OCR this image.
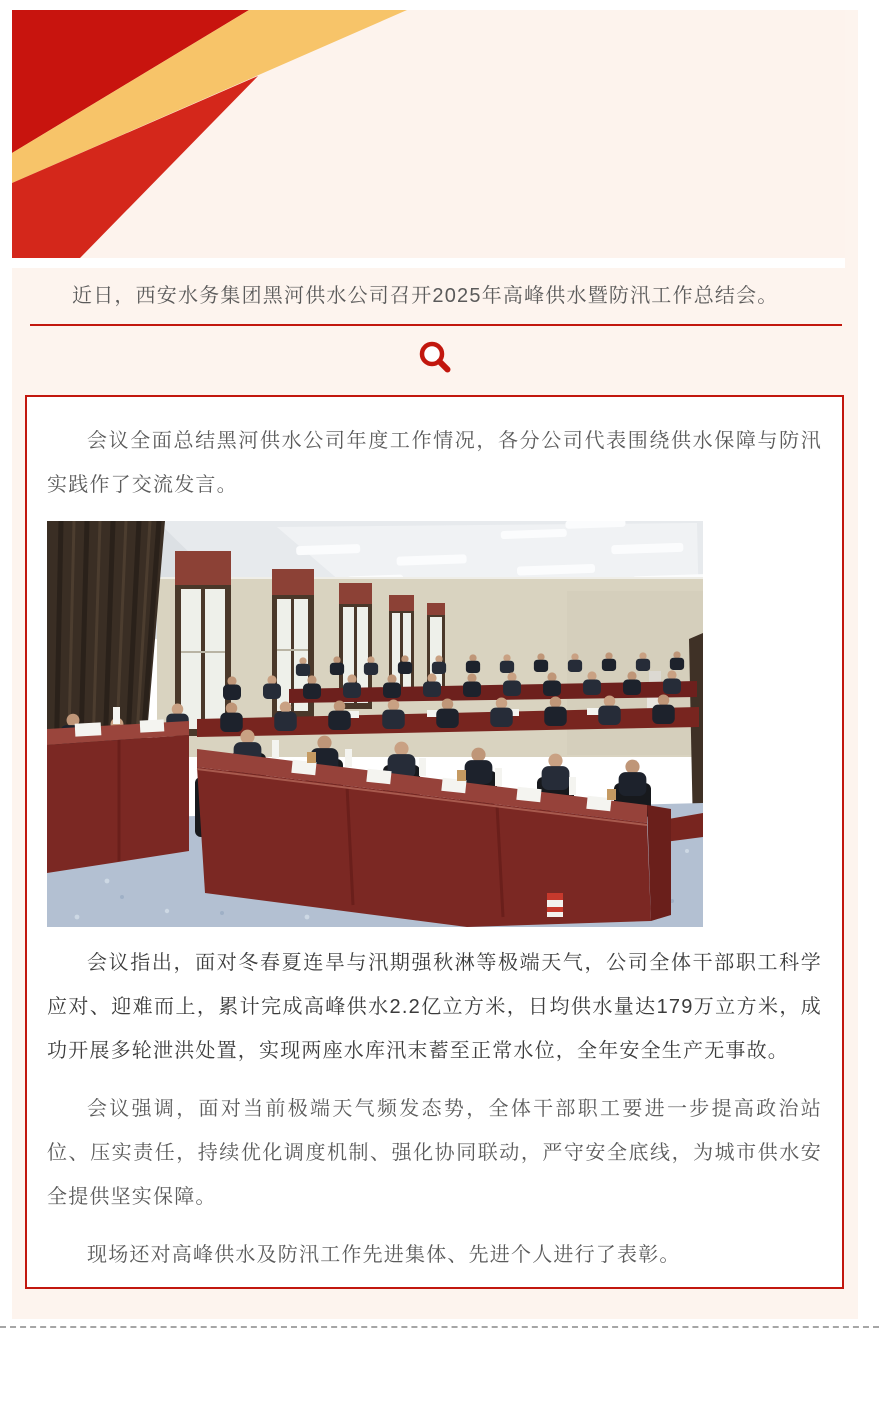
近日，西安水务集团黑河供水公司召开2025年高峰供水暨防汛工作总结会。

会议全面总结黑河供水公司年度工作情况，各分公司代表围绕供水保障与防汛实践作了交流发言。

会议指出，面对冬春夏连旱与汛期强秋淋等极端天气，公司全体干部职工科学应对、迎难而上，累计完成高峰供水2.2亿立方米，日均供水量达179万立方米，成功开展多轮泄洪处置，实现两座水库汛末蓄至正常水位，全年安全生产无事故。

会议强调，面对当前极端天气频发态势，全体干部职工要进一步提高政治站位、压实责任，持续优化调度机制、强化协同联动，严守安全底线，为城市供水安全提供坚实保障。

现场还对高峰供水及防汛工作先进集体、先进个人进行了表彰。
